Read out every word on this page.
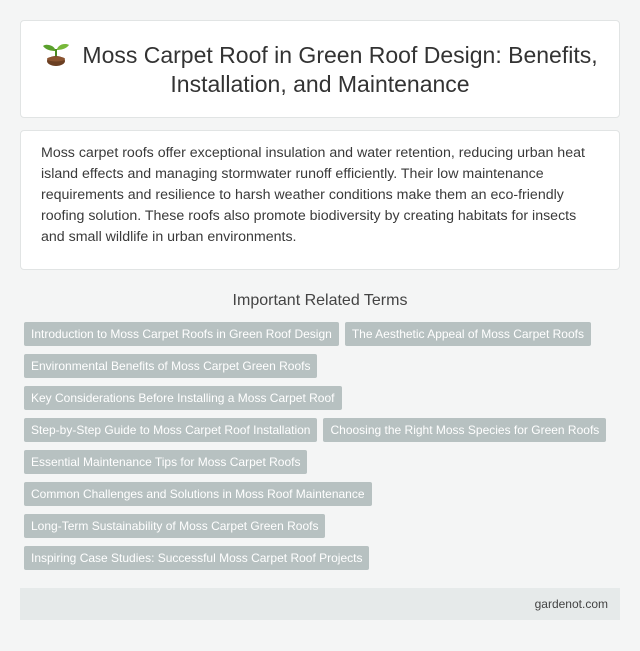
Moss Carpet Roof in Green Roof Design: Benefits, Installation, and Maintenance

Moss carpet roofs offer exceptional insulation and water retention, reducing urban heat island effects and managing stormwater runoff efficiently. Their low maintenance requirements and resilience to harsh weather conditions make them an eco-friendly roofing solution. These roofs also promote biodiversity by creating habitats for insects and small wildlife in urban environments.

Important Related Terms
Introduction to Moss Carpet Roofs in Green Roof Design	The Aesthetic Appeal of Moss Carpet Roofs
Environmental Benefits of Moss Carpet Green Roofs
Key Considerations Before Installing a Moss Carpet Roof
Step-by-Step Guide to Moss Carpet Roof Installation	Choosing the Right Moss Species for Green Roofs
Essential Maintenance Tips for Moss Carpet Roofs
Common Challenges and Solutions in Moss Roof Maintenance
Long-Term Sustainability of Moss Carpet Green Roofs
Inspiring Case Studies: Successful Moss Carpet Roof Projects
gardenot.com
